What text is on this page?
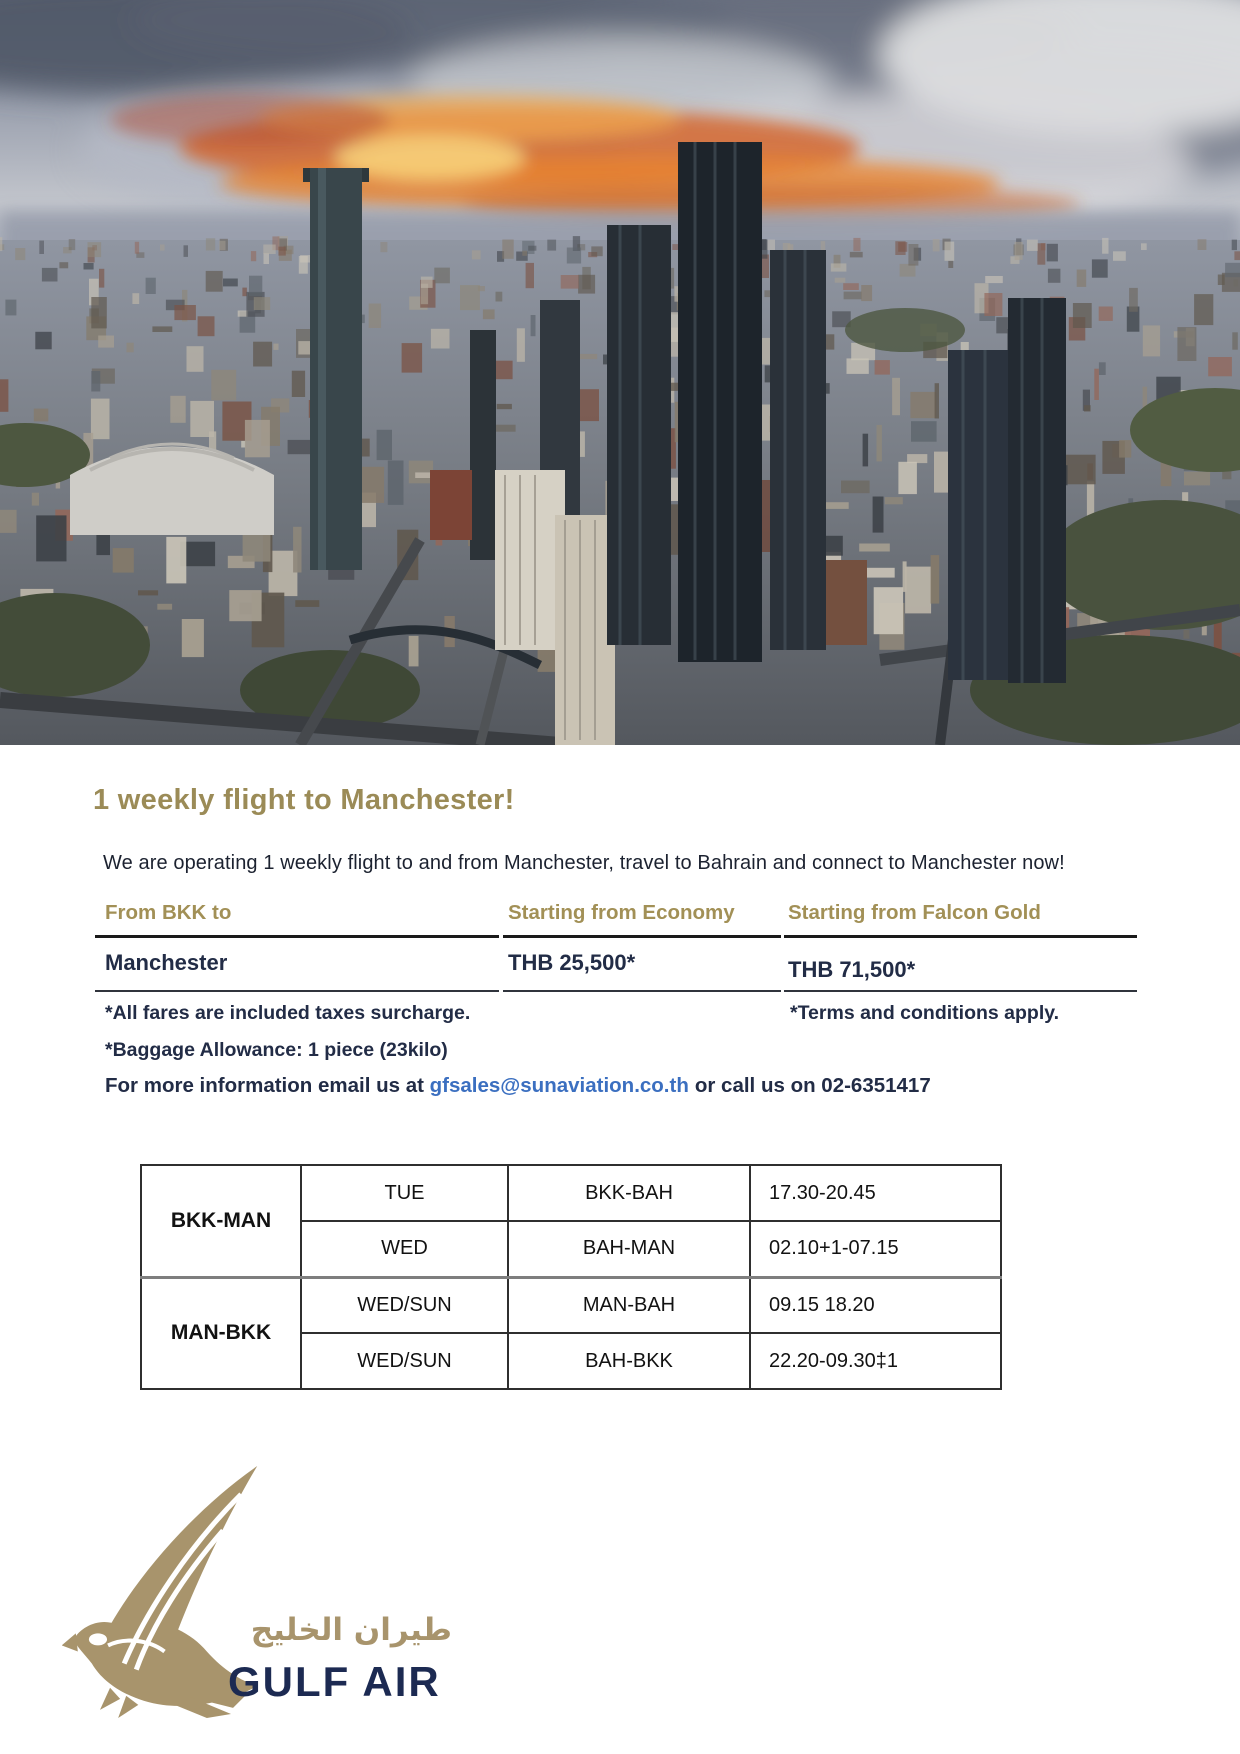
1 weekly flight to Manchester!
We are operating 1 weekly flight to and from Manchester, travel to Bahrain and connect to Manchester now!
From BKK to	Starting from Economy	Starting from Falcon Gold
Manchester	THB 25,500*	THB 71,500*
*All fares are included taxes surcharge.	*Terms and conditions apply.
*Baggage Allowance: 1 piece (23kilo)
For more information email us at gfsales@sunaviation.co.th or call us on 02-6351417
BKK-MAN	TUE	BKK-BAH	17.30-20.45
	WED	BAH-MAN	02.10+1-07.15
MAN-BKK	WED/SUN	MAN-BAH	09.15 18.20
	WED/SUN	BAH-BKK	22.20-09.30‡1
طيران الخليج
GULF AIR
